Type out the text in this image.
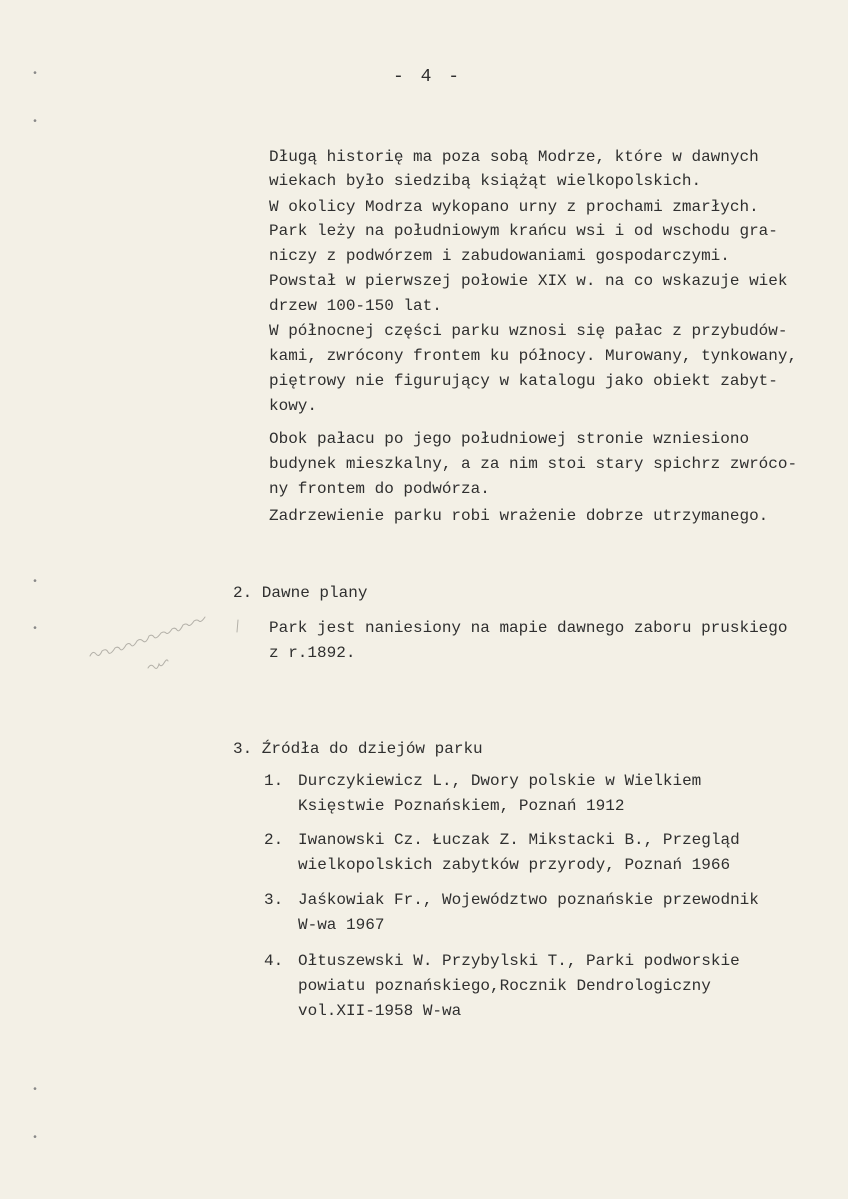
- 4 -
Długą historię ma poza sobą Modrze, które w dawnych
wiekach było siedzibą książąt wielkopolskich.
W okolicy Modrza wykopano urny z prochami zmarłych.
Park leży na południowym krańcu wsi i od wschodu gra-
niczy z podwórzem i zabudowaniami gospodarczymi.
Powstał w pierwszej połowie XIX w. na co wskazuje wiek
drzew 100-150 lat.
W północnej części parku wznosi się pałac z przybudów-
kami, zwrócony frontem ku północy. Murowany, tynkowany,
piętrowy nie figurujący w katalogu jako obiekt zabyt-
kowy.
Obok pałacu po jego południowej stronie wzniesiono
budynek mieszkalny, a za nim stoi stary spichrz zwróco-
ny frontem do podwórza.
Zadrzewienie parku robi wrażenie dobrze utrzymanego.
2. Dawne plany
Park jest naniesiony na mapie dawnego zaboru pruskiego
z r.1892.
3. Źródła do dziejów parku
1. Durczykiewicz L., Dwory polskie w Wielkiem
Księstwie Poznańskiem, Poznań 1912
2. Iwanowski Cz. Łuczak Z. Mikstacki B., Przegląd
wielkopolskich zabytków przyrody, Poznań 1966
3. Jaśkowiak Fr., Województwo poznańskie przewodnik
W-wa 1967
4. Ołtuszewski W. Przybylski T., Parki podworskie
powiatu poznańskiego,Rocznik Dendrologiczny
vol.XII-1958 W-wa
•
•
•
•
•
•
